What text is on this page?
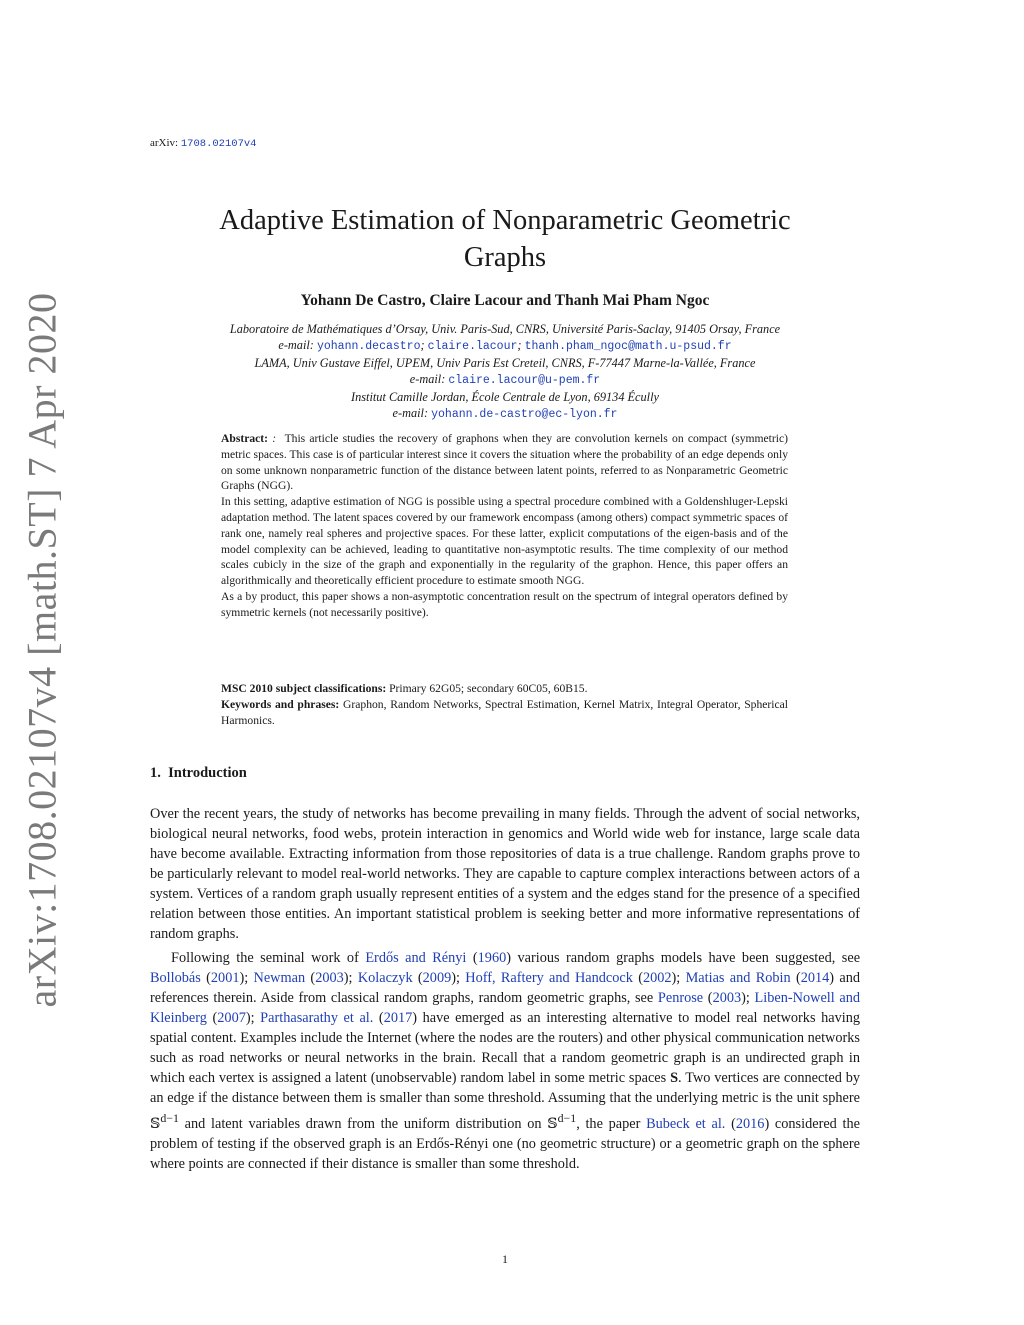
arXiv: 1708.02107v4
arXiv:1708.02107v4 [math.ST] 7 Apr 2020
Adaptive Estimation of Nonparametric Geometric
Graphs
Yohann De Castro, Claire Lacour and Thanh Mai Pham Ngoc
Laboratoire de Mathématiques d’Orsay, Univ. Paris-Sud, CNRS, Université Paris-Saclay, 91405 Orsay, France
e-mail: yohann.decastro; claire.lacour; thanh.pham_ngoc@math.u-psud.fr
LAMA, Univ Gustave Eiffel, UPEM, Univ Paris Est Creteil, CNRS, F-77447 Marne-la-Vallée, France
e-mail: claire.lacour@u-pem.fr
Institut Camille Jordan, École Centrale de Lyon, 69134 Écully
e-mail: yohann.de-castro@ec-lyon.fr

Abstract: : This article studies the recovery of graphons when they are convolution kernels on compact (symmetric) metric spaces. This case is of particular interest since it covers the situation where the probability of an edge depends only on some unknown nonparametric function of the distance between latent points, referred to as Nonparametric Geometric Graphs (NGG).

In this setting, adaptive estimation of NGG is possible using a spectral procedure combined with a Goldenshluger-Lepski adaptation method. The latent spaces covered by our framework encompass (among others) compact symmetric spaces of rank one, namely real spheres and projective spaces. For these latter, explicit computations of the eigen-basis and of the model complexity can be achieved, leading to quantitative non-asymptotic results. The time complexity of our method scales cubicly in the size of the graph and exponentially in the regularity of the graphon. Hence, this paper offers an algorithmically and theoretically efficient procedure to estimate smooth NGG.

As a by product, this paper shows a non-asymptotic concentration result on the spectrum of integral operators defined by symmetric kernels (not necessarily positive).

MSC 2010 subject classifications: Primary 62G05; secondary 60C05, 60B15.

Keywords and phrases: Graphon, Random Networks, Spectral Estimation, Kernel Matrix, Integral Operator, Spherical Harmonics.

1. Introduction

Over the recent years, the study of networks has become prevailing in many fields. Through the advent of social networks, biological neural networks, food webs, protein interaction in genomics and World wide web for instance, large scale data have become available. Extracting information from those repositories of data is a true challenge. Random graphs prove to be particularly relevant to model real-world networks. They are capable to capture complex interactions between actors of a system. Vertices of a random graph usually represent entities of a system and the edges stand for the presence of a specified relation between those entities. An important statistical problem is seeking better and more informative representations of random graphs.

Following the seminal work of Erdős and Rényi (1960) various random graphs models have been suggested, see Bollobás (2001); Newman (2003); Kolaczyk (2009); Hoff, Raftery and Handcock (2002); Matias and Robin (2014) and references therein. Aside from classical random graphs, random geometric graphs, see Penrose (2003); Liben-Nowell and Kleinberg (2007); Parthasarathy et al. (2017) have emerged as an interesting alternative to model real networks having spatial content. Examples include the Internet (where the nodes are the routers) and other physical communication networks such as road networks or neural networks in the brain. Recall that a random geometric graph is an undirected graph in which each vertex is assigned a latent (unobservable) random label in some metric spaces S. Two vertices are connected by an edge if the distance between them is smaller than some threshold. Assuming that the underlying metric is the unit sphere 𝕊$^{d-1}$ and latent variables drawn from the uniform distribution on 𝕊$^{d-1}$, the paper Bubeck et al. (2016) considered the problem of testing if the observed graph is an Erdős-Rényi one (no geometric structure) or a geometric graph on the sphere where points are connected if their distance is smaller than some threshold.

1
